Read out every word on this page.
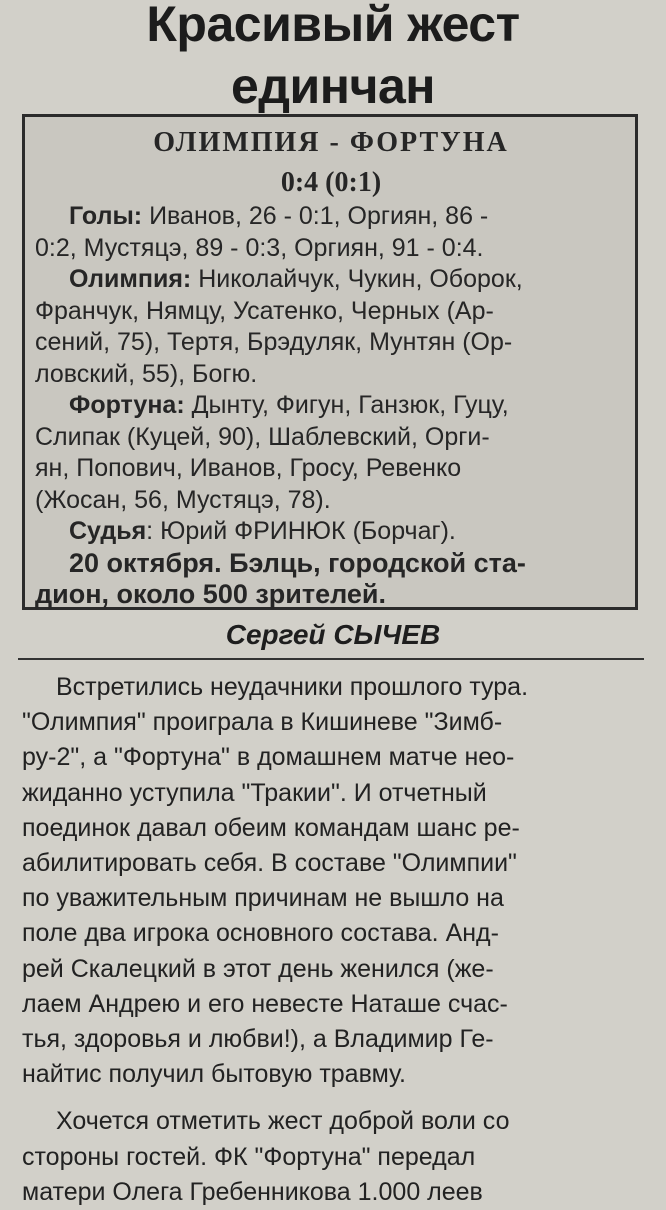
Красивый жест
единчан
ОЛИМПИЯ - ФОРТУНА
0:4 (0:1)
Голы: Иванов, 26 - 0:1, Оргиян, 86 -
0:2, Мустяцэ, 89 - 0:3, Оргиян, 91 - 0:4.
Олимпия: Николайчук, Чукин, Оборок,
Франчук, Нямцу, Усатенко, Черных (Ар-
сений, 75), Тертя, Брэдуляк, Мунтян (Ор-
ловский, 55), Богю.
Фортуна: Дынту, Фигун, Ганзюк, Гуцу,
Слипак (Куцей, 90), Шаблевский, Орги-
ян, Попович, Иванов, Гросу, Ревенко
(Жосан, 56, Мустяцэ, 78).
Судья: Юрий ФРИНЮК (Борчаг).
20 октября. Бэлць, городской ста-
дион, около 500 зрителей.
Сергей СЫЧЕВ
Встретились неудачники прошлого тура.
"Олимпия" проиграла в Кишиневе "Зимб-
ру-2", а "Фортуна" в домашнем матче нео-
жиданно уступила "Тракии". И отчетный
поединок давал обеим командам шанс ре-
абилитировать себя. В составе "Олимпии"
по уважительным причинам не вышло на
поле два игрока основного состава. Анд-
рей Скалецкий в этот день женился (же-
лаем Андрею и его невесте Наташе счас-
тья, здоровья и любви!), а Владимир Ге-
найтис получил бытовую травму.
Хочется отметить жест доброй воли со
стороны гостей. ФК "Фортуна" передал
матери Олега Гребенникова 1.000 леев
